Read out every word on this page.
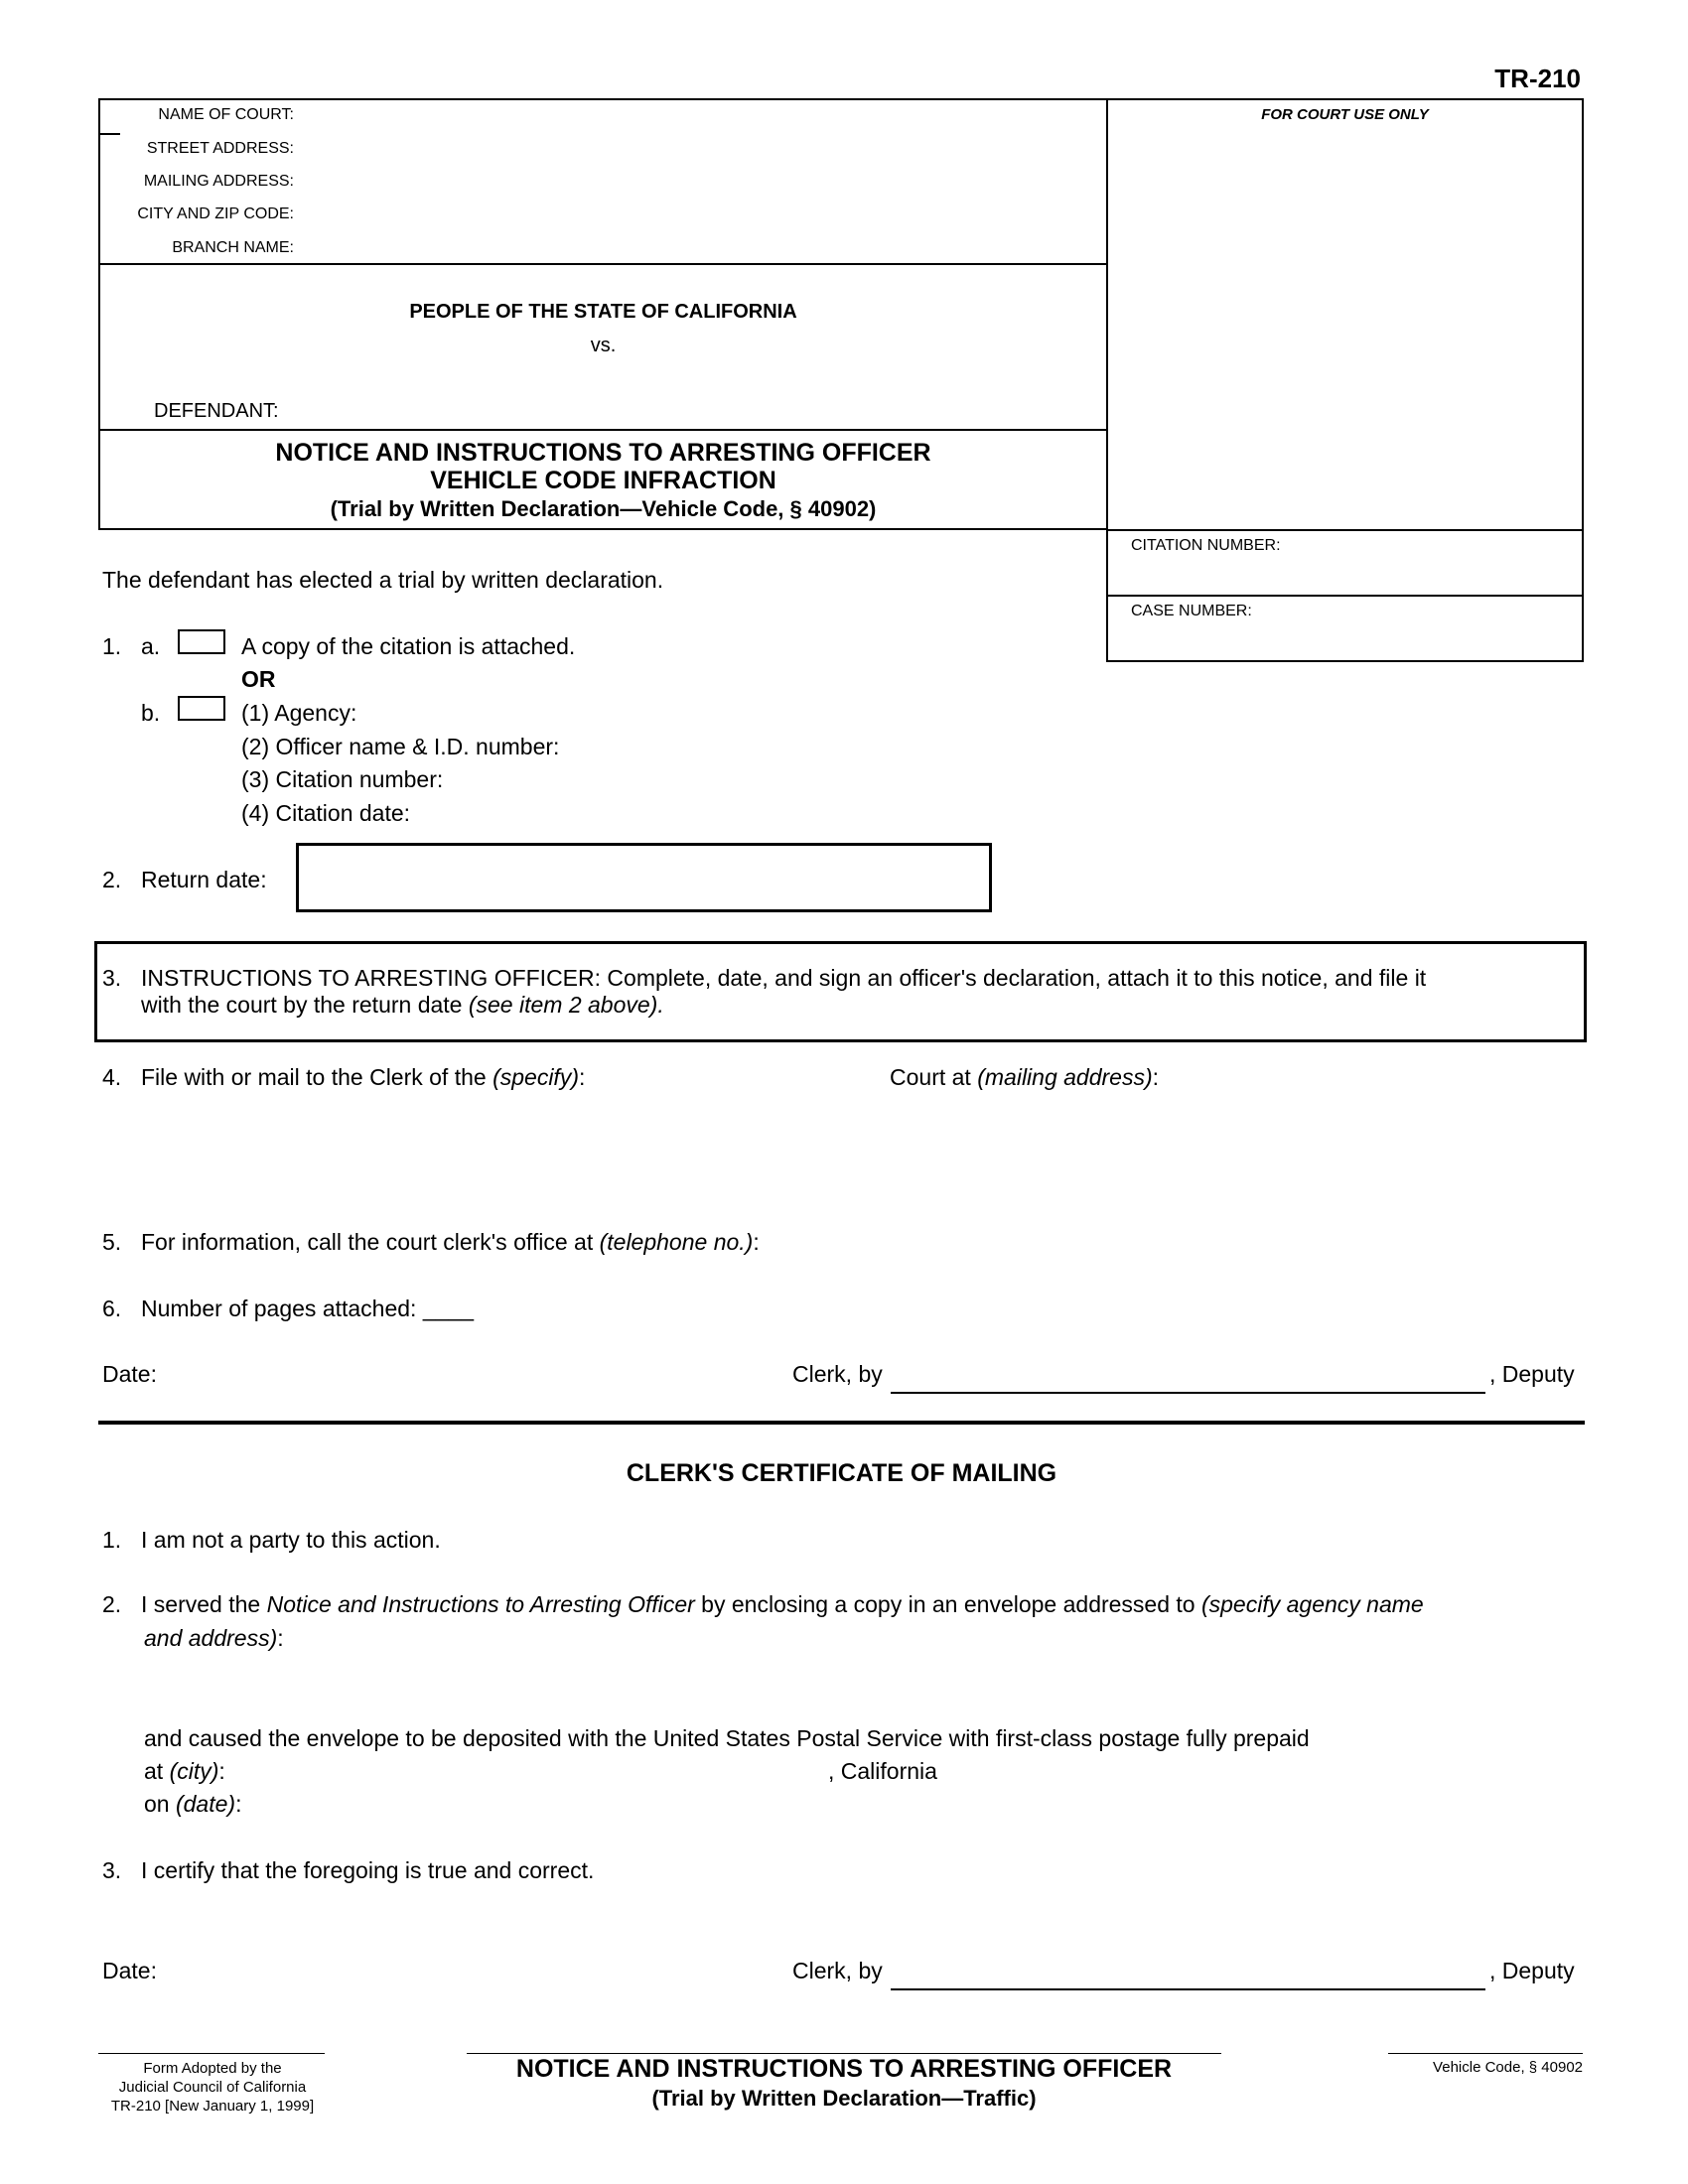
TR-210
NAME OF COURT:
STREET ADDRESS:
MAILING ADDRESS:
CITY AND ZIP CODE:
BRANCH NAME:
PEOPLE OF THE STATE OF CALIFORNIA
vs.
DEFENDANT:
NOTICE AND INSTRUCTIONS TO ARRESTING OFFICER
VEHICLE CODE INFRACTION
(Trial by Written Declaration—Vehicle Code, § 40902)
FOR COURT USE ONLY
CITATION NUMBER:
CASE NUMBER:
The defendant has elected a trial by written declaration.
1. a.	A copy of the citation is attached.
OR
b.	(1) Agency:
(2) Officer name & I.D. number:
(3) Citation number:
(4) Citation date:
2. Return date:
3. INSTRUCTIONS TO ARRESTING OFFICER: Complete, date, and sign an officer's declaration, attach it to this notice, and file it
with the court by the return date (see item 2 above).
4. File with or mail to the Clerk of the (specify):	Court at (mailing address):
5. For information, call the court clerk's office at (telephone no.):
6. Number of pages attached: ____
Date:	Clerk, by	, Deputy
CLERK'S CERTIFICATE OF MAILING
1. I am not a party to this action.
2. I served the Notice and Instructions to Arresting Officer by enclosing a copy in an envelope addressed to (specify agency name
and address):
and caused the envelope to be deposited with the United States Postal Service with first-class postage fully prepaid
at (city):	, California
on (date):
3. I certify that the foregoing is true and correct.
Date:	Clerk, by	, Deputy
Form Adopted by the
Judicial Council of California
TR-210 [New January 1, 1999]
NOTICE AND INSTRUCTIONS TO ARRESTING OFFICER
(Trial by Written Declaration—Traffic)
Vehicle Code, § 40902
